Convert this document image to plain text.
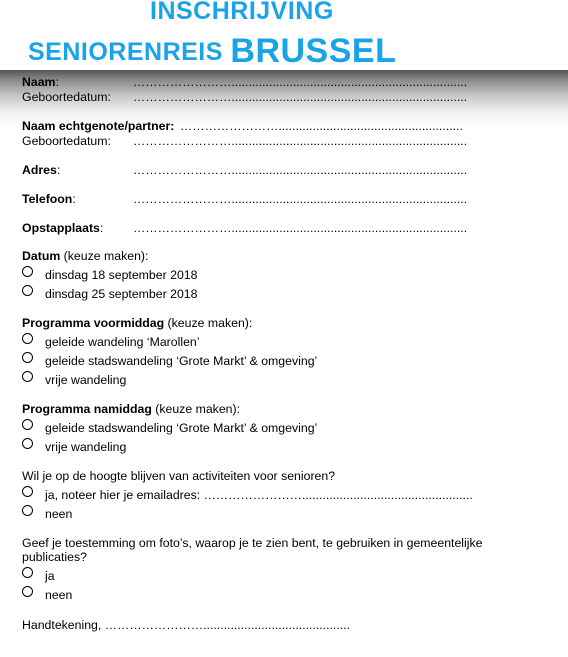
INSCHRIJVING
SENIORENREIS BRUSSEL
Naam:	…………………….....................................................................
Geboortedatum: …………………….....................................................................
Naam echtgenote/partner: ……………………......................................................
Geboortedatum: …………………….....................................................................
Adres:	…………………….....................................................................
Telefoon:	…………………….....................................................................
Opstapplaats: …………………….....................................................................
Datum (keuze maken):
dinsdag 18 september 2018
dinsdag 25 september 2018
Programma voormiddag (keuze maken):
geleide wandeling ‘Marollen’
geleide stadswandeling ‘Grote Markt’ & omgeving’
vrije wandeling
Programma namiddag (keuze maken):
geleide stadswandeling ‘Grote Markt’ & omgeving’
vrije wandeling
Wil je op de hoogte blijven van activiteiten voor senioren?
ja, noteer hier je emailadres: ……………………..................................................
neen
Geef je toestemming om foto’s, waarop je te zien bent, te gebruiken in gemeentelijke
publicaties?
ja
neen
Handtekening, ……………………...........................................
